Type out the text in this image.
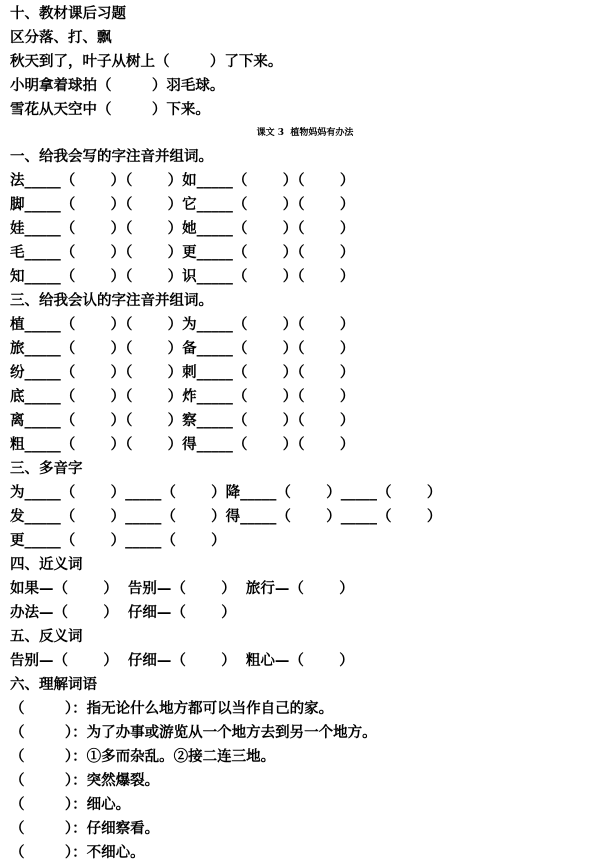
十、教材课后习题

区分落、打、飘

秋天到了，叶子从树上（        ）了下来。

小明拿着球拍（        ）羽毛球。

雪花从天空中（        ）下来。

课文 3  植物妈妈有办法

一、给我会写的字注音并组词。

法_____（       ）（       ）如_____（       ）（       ）

脚_____（       ）（       ）它_____（       ）（       ）

娃_____（       ）（       ）她_____（       ）（       ）

毛_____（       ）（       ）更_____（       ）（       ）

知_____（       ）（       ）识_____（       ）（       ）

三、给我会认的字注音并组词。

植_____（       ）（       ）为_____（       ）（       ）

旅_____（       ）（       ）备_____（       ）（       ）

纷_____（       ）（       ）刺_____（       ）（       ）

底_____（       ）（       ）炸_____（       ）（       ）

离_____（       ）（       ）察_____（       ）（       ）

粗_____（       ）（       ）得_____（       ）（       ）

三、多音字

为_____（       ）_____（       ）降_____（       ）_____（       ）

发_____（       ）_____（       ）得_____（       ）_____（       ）

更_____（       ）_____（       ）

四、近义词

如果—（       ）  告别—（       ）  旅行—（       ）

办法—（       ）  仔细—（       ）

五、反义词

告别—（       ）  仔细—（       ）  粗心—（       ）

六、理解词语

（        ）：指无论什么地方都可以当作自己的家。

（        ）：为了办事或游览从一个地方去到另一个地方。

（        ）：①多而杂乱。②接二连三地。

（        ）：突然爆裂。

（        ）：细心。

（        ）：仔细察看。

（        ）：不细心。
